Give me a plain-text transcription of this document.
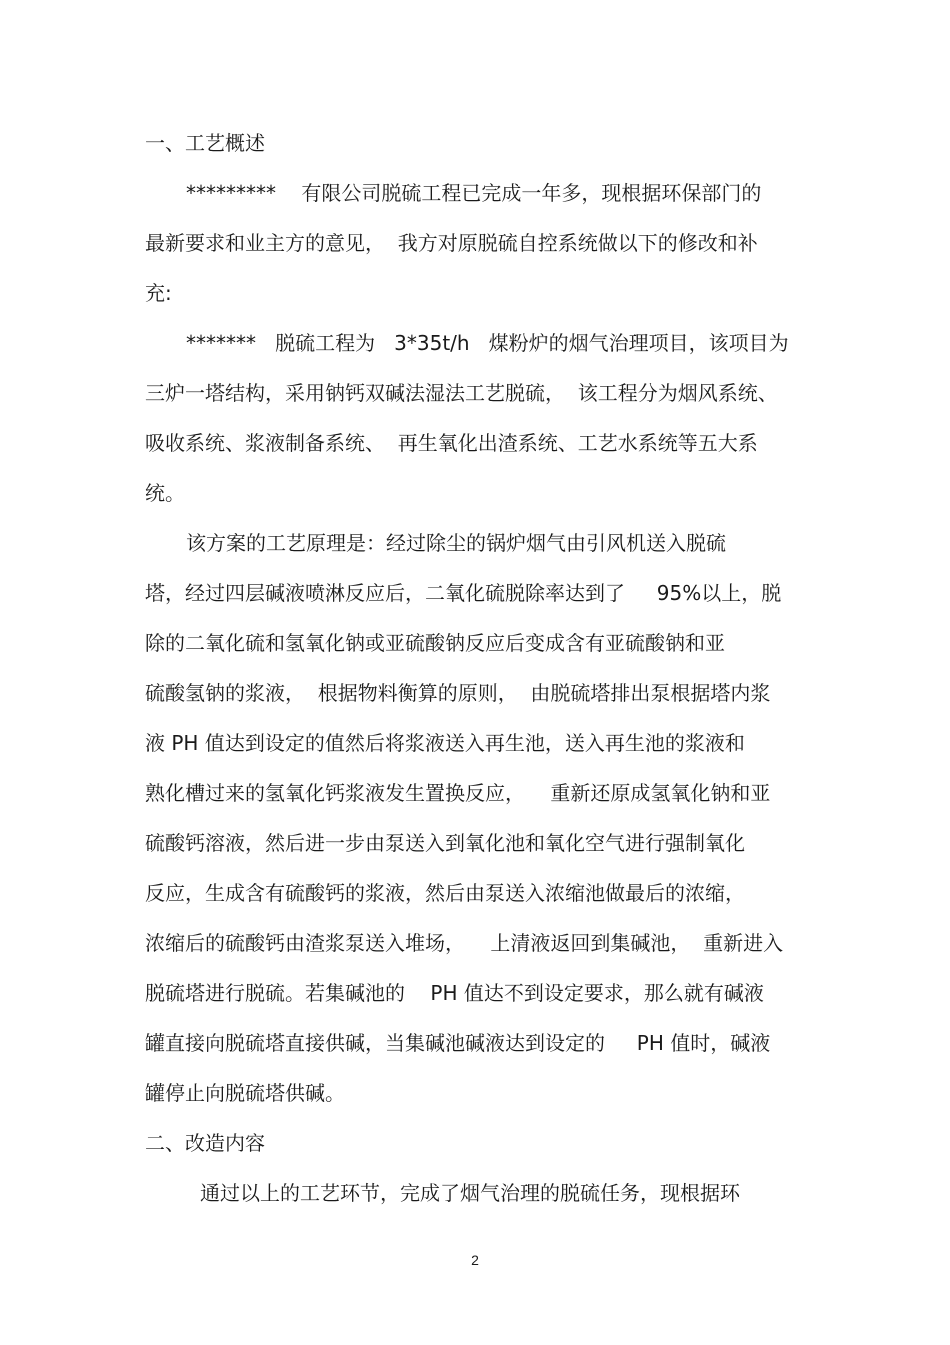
一、工艺概述
*********    有限公司脱硫工程已完成一年多，现根据环保部门的
最新要求和业主方的意见，  我方对原脱硫自控系统做以下的修改和补
充:
*******   脱硫工程为   3*35t/h   煤粉炉的烟气治理项目，该项目为
三炉一塔结构，采用钠钙双碱法湿法工艺脱硫，  该工程分为烟风系统、
吸收系统、浆液制备系统、  再生氧化出渣系统、工艺水系统等五大系
统。
该方案的工艺原理是：经过除尘的锅炉烟气由引风机送入脱硫
塔，经过四层碱液喷淋反应后，二氧化硫脱除率达到了     95%以上，脱
除的二氧化硫和氢氧化钠或亚硫酸钠反应后变成含有亚硫酸钠和亚
硫酸氢钠的浆液，  根据物料衡算的原则，  由脱硫塔排出泵根据塔内浆
液 PH 值达到设定的值然后将浆液送入再生池，送入再生池的浆液和
熟化槽过来的氢氧化钙浆液发生置换反应，    重新还原成氢氧化钠和亚
硫酸钙溶液，然后进一步由泵送入到氧化池和氧化空气进行强制氧化
反应，生成含有硫酸钙的浆液，然后由泵送入浓缩池做最后的浓缩，
浓缩后的硫酸钙由渣浆泵送入堆场，    上清液返回到集碱池，  重新进入
脱硫塔进行脱硫。若集碱池的    PH 值达不到设定要求，那么就有碱液
罐直接向脱硫塔直接供碱，当集碱池碱液达到设定的     PH 值时，碱液
罐停止向脱硫塔供碱。
二、改造内容
通过以上的工艺环节，完成了烟气治理的脱硫任务，现根据环
2
